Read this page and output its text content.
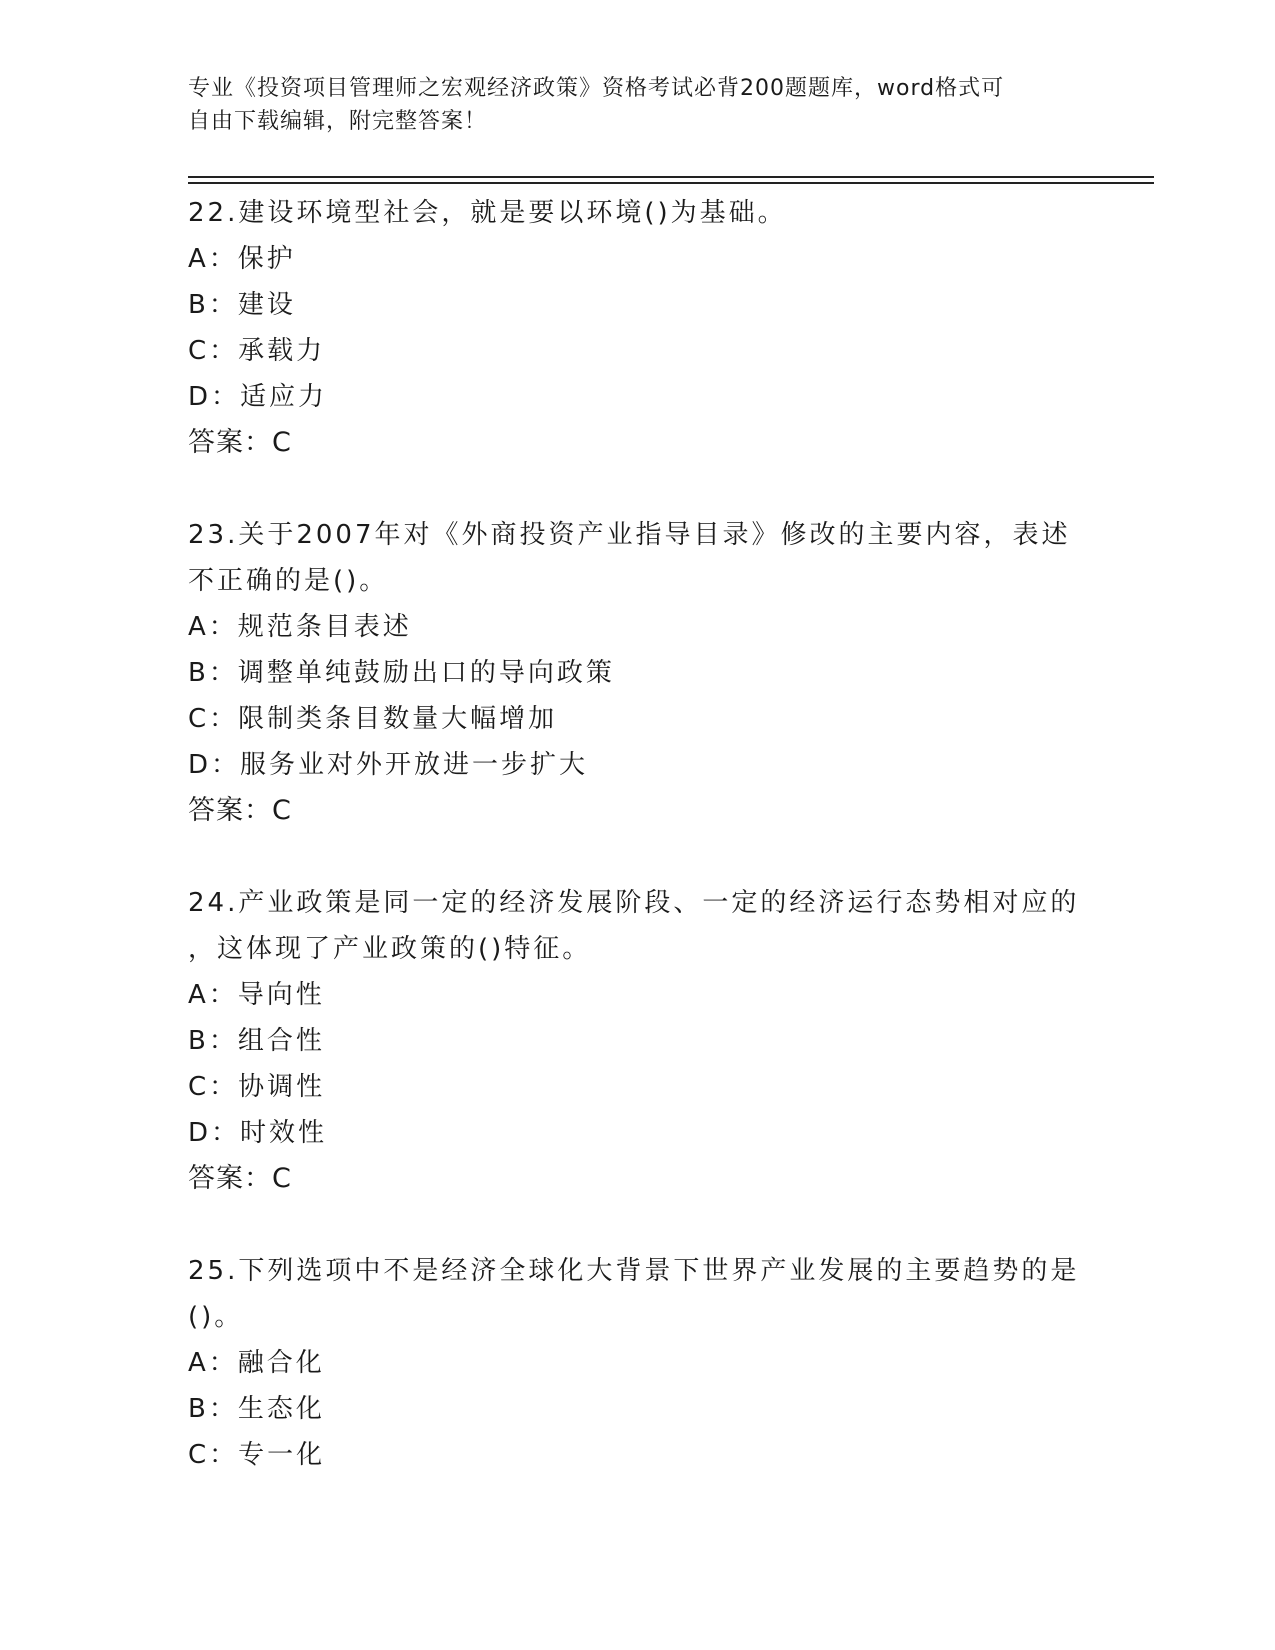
专业《投资项目管理师之宏观经济政策》资格考试必背200题题库，word格式可
自由下载编辑，附完整答案！

22.建设环境型社会，就是要以环境()为基础。

A：保护
B：建设
C：承载力
D：适应力
答案：C

23.关于2007年对《外商投资产业指导目录》修改的主要内容，表述

不正确的是()。

A：规范条目表述
B：调整单纯鼓励出口的导向政策
C：限制类条目数量大幅增加
D：服务业对外开放进一步扩大
答案：C

24.产业政策是同一定的经济发展阶段、一定的经济运行态势相对应的

，这体现了产业政策的()特征。

A：导向性
B：组合性
C：协调性
D：时效性
答案：C

25.下列选项中不是经济全球化大背景下世界产业发展的主要趋势的是

()。

A：融合化
B：生态化
C：专一化
